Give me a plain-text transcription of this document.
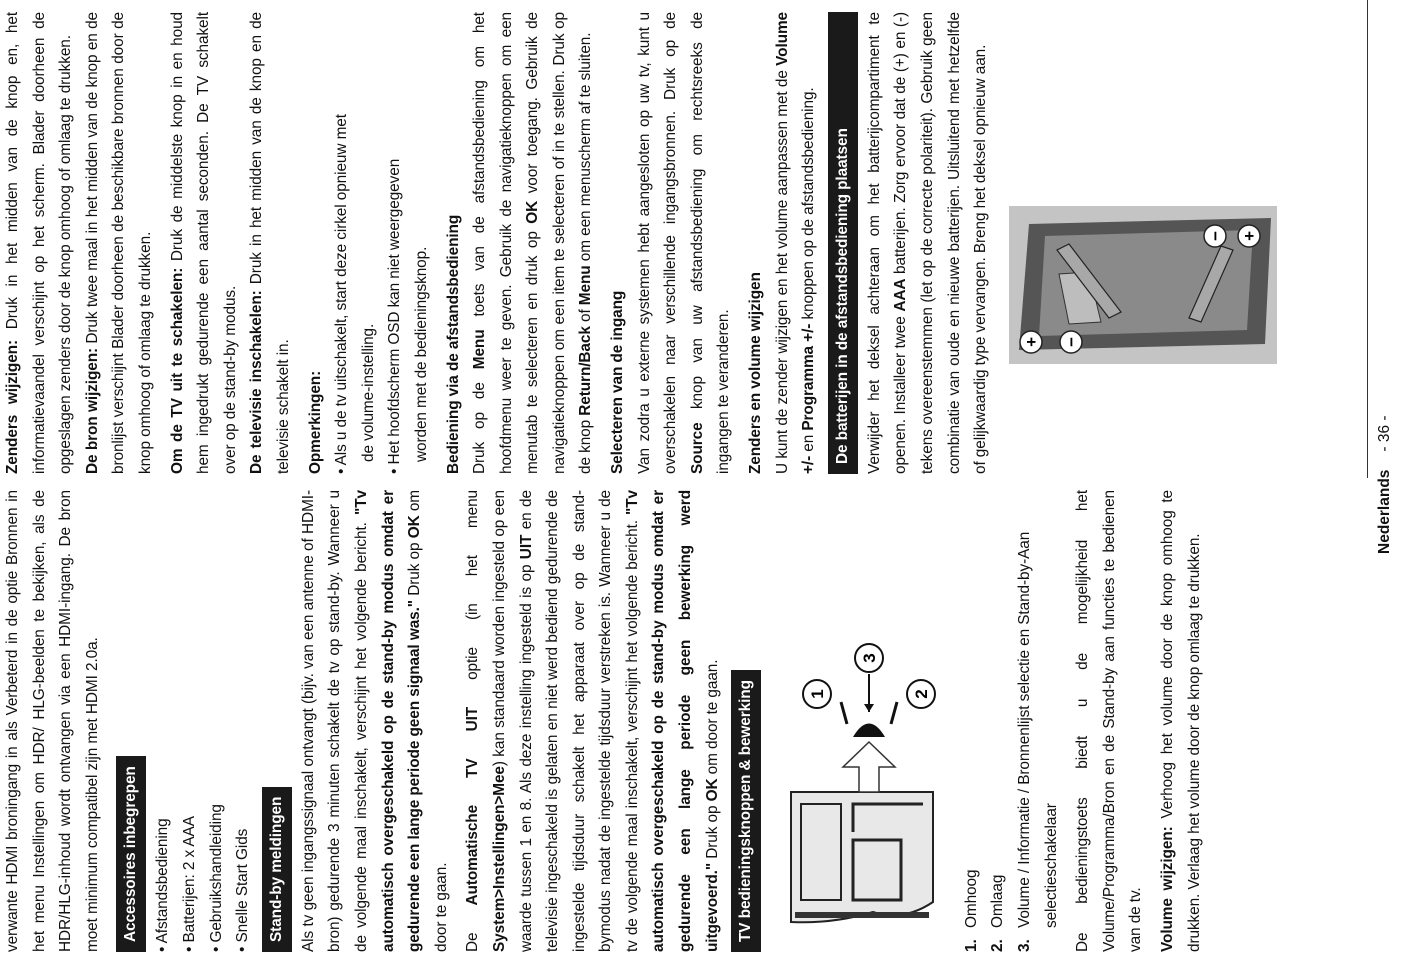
verwante HDMI broningang in als Verbeterd in de optie Bronnen in het menu Instellingen om HDR/ HLG-beelden te bekijken, als de HDR/HLG-inhoud wordt ontvangen via een HDMI-ingang. De bron moet minimum compatibel zijn met HDMI 2.0a.	Accessoires inbegrepen • Afstandsbediening • Batterijen: 2 x AAA • Gebruikshandleiding • Snelle Start Gids	Stand-by meldingen Als tv geen ingangssignaal ontvangt (bijv. van een antenne of HDMI-bron) gedurende 3 minuten schakelt de tv op stand-by. Wanneer u de volgende maal inschakelt, verschijnt het volgende bericht. "Tv automatisch overgeschakeld op de stand-by modus omdat er gedurende een lange periode geen signaal was." Druk op OK om door te gaan. De Automatische TV UIT optie (in het menu System>Instellingen>Mee) kan standaard worden ingesteld op een waarde tussen 1 en 8. Als deze instelling ingesteld is op UIT en de televisie ingeschakeld is gelaten en niet werd bediend gedurende de ingestelde tijdsduur schakelt het apparaat over op de stand-bymodus nadat de ingestelde tijdsduur verstreken is. Wanneer u de tv de volgende maal inschakelt, verschijnt het volgende bericht. "Tv automatisch overgeschakeld op de stand-by modus omdat er gedurende een lange periode geen bewerking werd uitgevoerd." Druk op OK om door te gaan.	TV bedieningsknoppen & bewerking	1	2
3
1.
Omhoog
2.
Omlaag
3.
Volume / Informatie / Bronnenlijst selectie en Stand-by-Aan selectieschakelaar De bedieningstoets biedt u de mogelijkheid het Volume/Programma/Bron en de Stand-by aan functies te bedienen van de tv. Volume wijzigen: Verhoog het volume door de knop omhoog te drukken. Verlaag het volume door de knop omlaag te drukken.

Zenders wijzigen: Druk in het midden van de knop en, het informatievaandel verschijnt op het scherm. Blader doorheen de opgeslagen zenders door de knop omhoog of omlaag te drukken. De bron wijzigen: Druk twee maal in het midden van de knop en de bronlijst verschijnt Blader doorheen de beschikbare bronnen door de knop omhoog of omlaag te drukken. Om de TV uit te schakelen: Druk de middelste knop in en houd hem ingedrukt gedurende een aantal seconden. De TV schakelt over op de stand-by modus. De televisie inschakelen: Druk in het midden van de knop en de televisie schakelt in. Opmerkingen: • Als u de tv uitschakelt, start deze cirkel opnieuw met de volume-instelling. • Het hoofdscherm OSD kan niet weergegeven worden met de bedieningsknop. Bediening via de afstandsbediening Druk op de Menu toets van de afstandsbediening om het hoofdmenu weer te geven. Gebruik de navigatieknoppen om een menutab te selecteren en druk op OK voor toegang. Gebruik de navigatieknoppen om een item te selecteren of in te stellen. Druk op de knop Return/Back of Menu om een menuscherm af te sluiten.

Selecteren van de ingang Van zodra u externe systemen hebt aangesloten op uw tv, kunt u overschakelen naar verschillende ingangsbronnen. Druk op de Source knop van uw afstandsbediening om rechtsreeks de ingangen te veranderen. Zenders en volume wijzigen U kunt de zender wijzigen en het volume aanpassen met de Volume +/- en Programma +/- knoppen op de afstandsbediening.	De batterijen in de afstandsbediening plaatsen Verwijder het deksel achteraan om het batterijcompartiment te openen. Installeer twee AAA batterijen. Zorg ervoor dat de (+) en (-) tekens overeenstemmen (let op de correcte polariteit). Gebruik geen combinatie van oude en nieuwe batterijen. Uitsluitend met hetzelfde of gelijkwaardig type vervangen. Breng het deksel opnieuw aan.	+ −
+
−
Nederlands- 36 -
